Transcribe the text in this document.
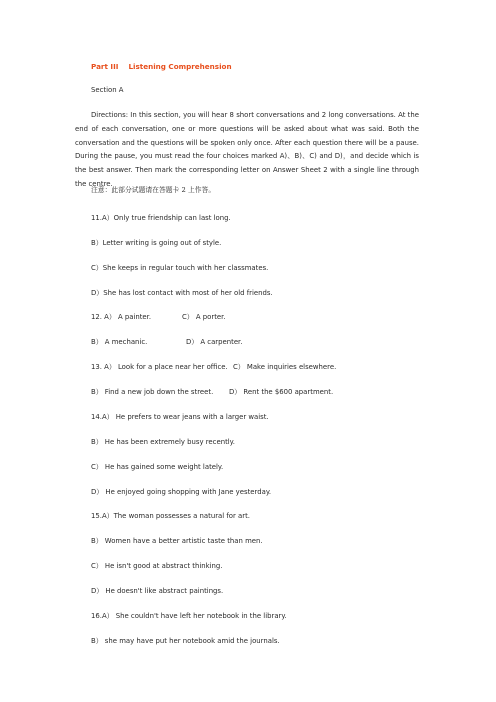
Part III    Listening Comprehension

Section A

Directions: In this section, you will hear 8 short conversations and 2 long conversations. At the end of each conversation, one or more questions will be asked about what was said. Both the conversation and the questions will be spoken only once. After each question there will be a pause. During the pause, you must read the four choices marked A)、B)、C) and D)，and decide which is the best answer. Then mark the corresponding letter on Answer Sheet 2 with a single line through the centre.

注意：此部分试题请在答题卡 2 上作答。

11.A）Only true friendship can last long.

B）Letter writing is going out of style.

C）She keeps in regular touch with her classmates.

D）She has lost contact with most of her old friends.

12. A） A painter.	C） A porter.

B） A mechanic.	D） A carpenter.

13. A） Look for a place near her office. C） Make inquiries elsewhere.

B） Find a new job down the street. D） Rent the $600 apartment.

14.A） He prefers to wear jeans with a larger waist.

B） He has been extremely busy recently.

C） He has gained some weight lately.

D） He enjoyed going shopping with Jane yesterday.

15.A）The woman possesses a natural for art.

B） Women have a better artistic taste than men.

C） He isn't good at abstract thinking.

D） He doesn't like abstract paintings.

16.A） She couldn't have left her notebook in the library.

B） she may have put her notebook amid the journals.
